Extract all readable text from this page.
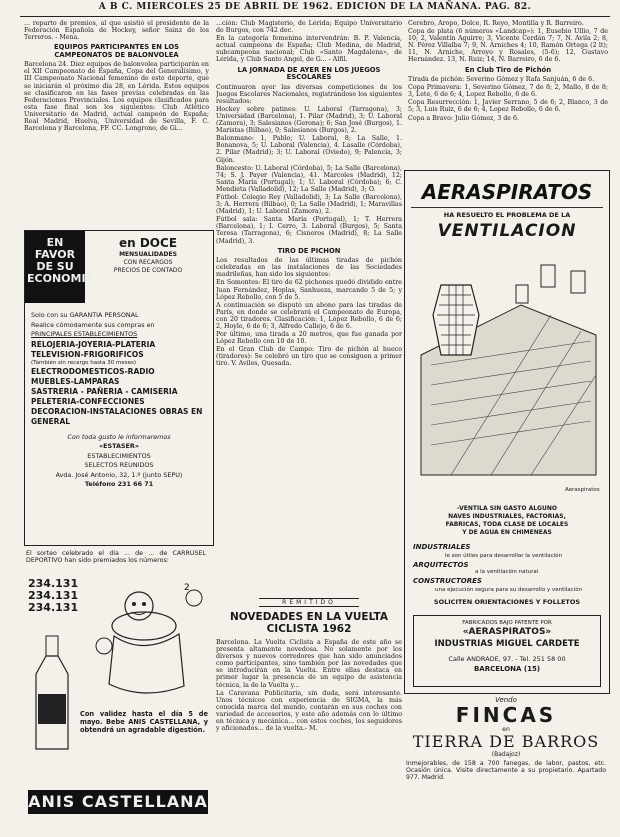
A B C. MIERCOLES 25 DE ABRIL DE 1962. EDICION DE LA MAÑANA. PAG. 82.

... reparto de premios, al que asistió el presidente de la Federación Española de Hockey, señor Sainz de los Terreros. - Mena.

EQUIPOS PARTICIPANTES EN LOS CAMPEONATOS DE BALONVOLEA

Barcelona 24. Diez equipos de balonvolea participarán en el XII Campeonato de España, Copa del Generalísimo, y III Campeonato Nacional femenino de este deporte, que se iniciarán el próximo día 28, en Lérida. Estos equipos se clasificaron en las fases previas celebradas en las Federaciones Provinciales. Los equipos clasificados para esta fase final son los siguientes: Club Atlético Universitario de Madrid, actual campeón de España; Real Madrid, Huelva, Universidad de Sevilla, F. C. Barcelona y Barcelona, FF. CC. Longrono, de Gi...

EN FAVOR DE SU ECONOMIA
en DOCE
MENSUALIDADES
CON RECARGOS
PRECIOS DE CONTADO
Solo con su GARANTIA PERSONAL
Realice cómodamente sus compras en
PRINCIPALES ESTABLECIMIENTOS
RELOJERIA-JOYERIA-PLATERIA
TELEVISION-FRIGORIFICOS
(También sin recargo hasta 30 meses)
ELECTRODOMESTICOS-RADIO
MUEBLES-LAMPARAS
SASTRERIA - PAÑERIA - CAMISERIA
PELETERIA-CONFECCIONES
DECORACION-INSTALACIONES OBRAS EN GENERAL
Con toda gusto le informaremos
«ESTASER»
ESTABLECIMIENTOS
SELECTOS REUNIDOS
Avda. José Antonio, 32, 1.º (junto SEPU)
Teléfono 231 66 71
El sorteo celebrado el día ... de ... de CARRUSEL DEPORTIVO han sido premiados los números:
234.131
234.131
234.131
2
Con validez hasta el día 5 de mayo. Bebe ANIS CASTELLANA, y obtendrá un agradable digestión.
ANIS CASTELLANA

...ción: Club Magisterio, de Lérida; Equipo Universitario de Burgos, con 742 dec.

En la categoría femenina intervendrán: B. P. Valencia, actual campeona de España; Club Medina, de Madrid, subcampeona nacional; Club «Santo Magdalena», de Lérida, y Club Santo Angel, de G... - Alfil.

LA JORNADA DE AYER EN LOS JUEGOS ESCOLARES

Continuaron ayer las diversas competiciones de los Juegos Escolares Nacionales, registrándose los siguientes resultados:

Hockey sobre patines: U. Laboral (Tarragona), 3; Universidad (Barcelona), 1. Pilar (Madrid), 3; U. Laboral (Zamora), 3; Salesianos (Gerona); 6; San José (Burgos), 1. Maristas (Bilbao), 0; Salesianos (Burgos), 2.

Balonmano: 1, Pablo; U. Laboral, 8; La Salle, 1. Bonanova, 5; U. Laboral (Valencia), 4. Lasalle (Córdoba), 2. Pilar (Madrid); 3; U. Laboral (Oviedo), 9; Palencia, 3; Gijón.

Baloncesto: U. Laboral (Córdoba), 5; La Salle (Barcelona), 74; S. J. Payer (Valencia), 41. Marcoles (Madrid), 12; Santa María (Portugal); 1; U. Laboral (Córdoba); 6; C. Mendieta (Valladolid), 12; La Salle (Madrid), 3; O.

Fútbol: Colegio Rey (Valladolid), 3; La Salle (Barcelona), 3; A. Herrera (Bilbao), 0; La Salle (Madrid), 1; Maravillas (Madrid), 1; U. Laboral (Zamora), 2.

Fútbol sala: Santa María (Portugal), 1; T. Herrera (Barcelona), 1; I. Cerro, 3. Laboral (Burgos), 5; Santa Teresa (Tarragona), 6; Cisneros (Madrid), 8; La Salle (Madrid), 3.

TIRO DE PICHON

Los resultados de las últimas tiradas de pichón celebradas en las instalaciones de las Sociedades madrileñas, han sido los siguientes:

En Somontes: El tiro de 62 pichones quedó dividido entre Juan Fernández, Hoplas, Sanhueza, marcando 5 de 5; y López Rebollo, con 5 de 5.

A continuación se disputó un abono para las tiradas de París, en donde se celebrará el Campeonato de Europa, con 20 tiradores. Clasificación: 1, López Rebollo, 6 de 6; 2, Hoyle, 6 de 6; 3, Alfredo Callejo, 6 de 6.

Por último, una tirada a 20 metros, que fue ganada por López Rebollo con 10 de 10.

En el Gran Club de Campo: Tiro de pichón al hueco (tiradores): Se celebró un tiro que se consiguen a primer tiro. V. Aviles, Quesada.

REMITIDO
NOVEDADES EN LA VUELTA
CICLISTA 1962

Barcelona. La Vuelta Ciclista a España de este año se presenta altamente novedosa. No solamente por los diversos y nuevos corredores que han sido anunciados como participantes, sino también por las novedades que se introducirán en la Vuelta. Entre ellas destaca en primer lugar la presencia de un equipo de asistencia técnica, la de la Vuelta y...

La Caravana Publicitaria, sin duda, será interesante. Unos técnicos con experiencia de SIGMA, la más conocida marca del mundo, contarán en sus coches con variedad de accesorios, y este año además con lo último en técnica y mecánica... con estos coches, los seguidores y aficionados... de la vuelta.- M.

Cerebro, Aropo, Dolce, R. Reyo, Montilla y R. Barreiro.

Copa de plata (6 números «Landcap»): 1, Eusebio Ullio, 7 de 10; 2, Valentín Aguirre; 3, Vicente Cerdán 7; 7, N. Avila 2; 8, N. Pérez Villalba 7; 9, N. Arniches 4; 10, Ramón Ortega (2 lt); 11, N. Arniche, Arroyo y Rosales, (5-6); 12, Gustavo Hernández. 13, N. Ruiz; 14, N. Barreiro, 6 de 6.

En Club Tiro de Pichón

Tirada de pichón: Severino Gómez y Rafa Sanjuán, 6 de 6.

Copa Primavera: 1, Severino Gómez, 7 de 8; 2, Mallo, 8 de 8; 3, Lete, 6 de 6; 4, Lopez Rebollo, 6 de 6.

Copa Resurrección: 1, Javier Serrano, 5 de 6; 2, Blanco, 3 de 5; 3, Luis Ruiz, 6 de 6; 4, Lopez Rebollo, 6 de 6.

Copa a Bravo: Julio Gómez, 3 de 6.

AERASPIRATOS
HA RESUELTO EL PROBLEMA DE LA
VENTILACION
Aeraspiratos
-VENTILA SIN GASTO ALGUNO
NAVES INDUSTRIALES, FACTORIAS,
FABRICAS, TODA CLASE DE LOCALES
Y DE AGUA EN CHIMENEAS
INDUSTRIALES
le son útiles para desarrollar la ventilación
ARQUITECTOS
a la ventilación natural
CONSTRUCTORES
una ejecución segura para su desarrollo y ventilación
SOLICITEN ORIENTACIONES Y FOLLETOS
FABRICADOS BAJO PATENTE POR
«AERASPIRATOS»
INDUSTRIAS MIGUEL CARDETE
Calle ANDRADE, 97. - Tel. 251 58 00
BARCELONA (15)
Vendo
FINCAS
en
TIERRA DE BARROS
(Badajoz)
Inmejorables, de 158 a 700 fanegas, de labor, pastos, etc. Ocasión única. Visite directamente a su propietario. Apartado 977. Madrid.
